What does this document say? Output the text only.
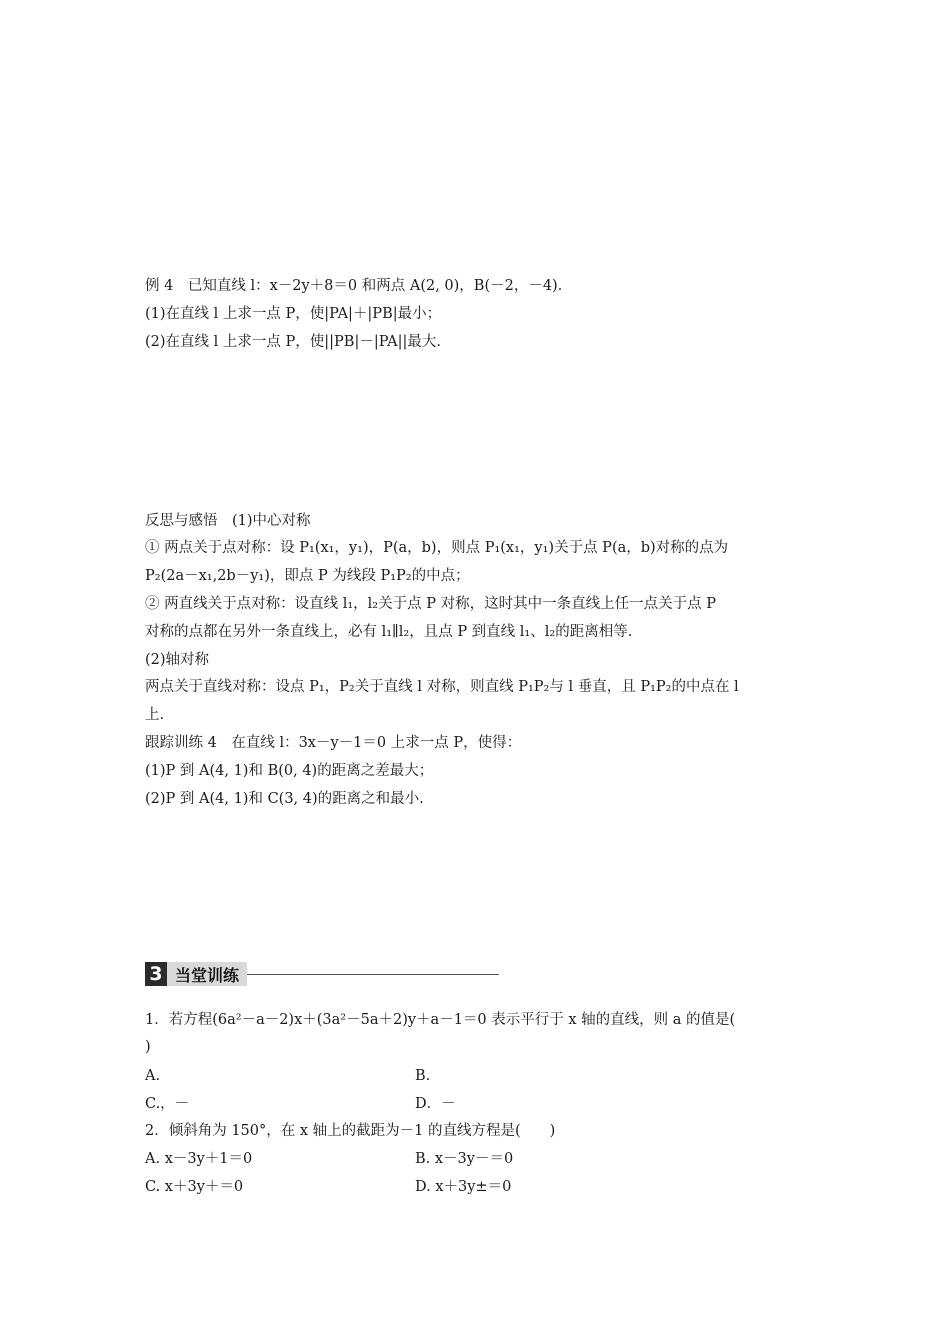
例 4　已知直线 l：x－2y＋8＝0 和两点 A(2, 0)，B(－2，－4)．
(1)在直线 l 上求一点 P，使|PA|＋|PB|最小；
(2)在直线 l 上求一点 P，使||PB|－|PA||最大.
反思与感悟　(1)中心对称
① 两点关于点对称：设 P₁(x₁，y₁)，P(a，b)，则点 P₁(x₁，y₁)关于点 P(a，b)对称的点为
P₂(2a－x₁,2b－y₁)，即点 P 为线段 P₁P₂的中点；
② 两直线关于点对称：设直线 l₁，l₂关于点 P 对称，这时其中一条直线上任一点关于点 P
对称的点都在另外一条直线上，必有 l₁∥l₂，且点 P 到直线 l₁、l₂的距离相等.
(2)轴对称
两点关于直线对称：设点 P₁，P₂关于直线 l 对称，则直线 P₁P₂与 l 垂直，且 P₁P₂的中点在 l
上.
跟踪训练 4　在直线 l：3x－y－1＝0 上求一点 P，使得：
(1)P 到 A(4, 1)和 B(0, 4)的距离之差最大；
(2)P 到 A(4, 1)和 C(3, 4)的距离之和最小.
3 当堂训练
1．若方程(6a²－a－2)x＋(3a²－5a＋2)y＋a－1＝0 表示平行于 x 轴的直线，则 a 的值是(
)
A.	B.
C.，－	D．－
2．倾斜角为 150°，在 x 轴上的截距为－1 的直线方程是(　　)
A. x－3y＋1＝0	B. x－3y－＝0
C. x＋3y＋＝0	D. x＋3y±＝0
